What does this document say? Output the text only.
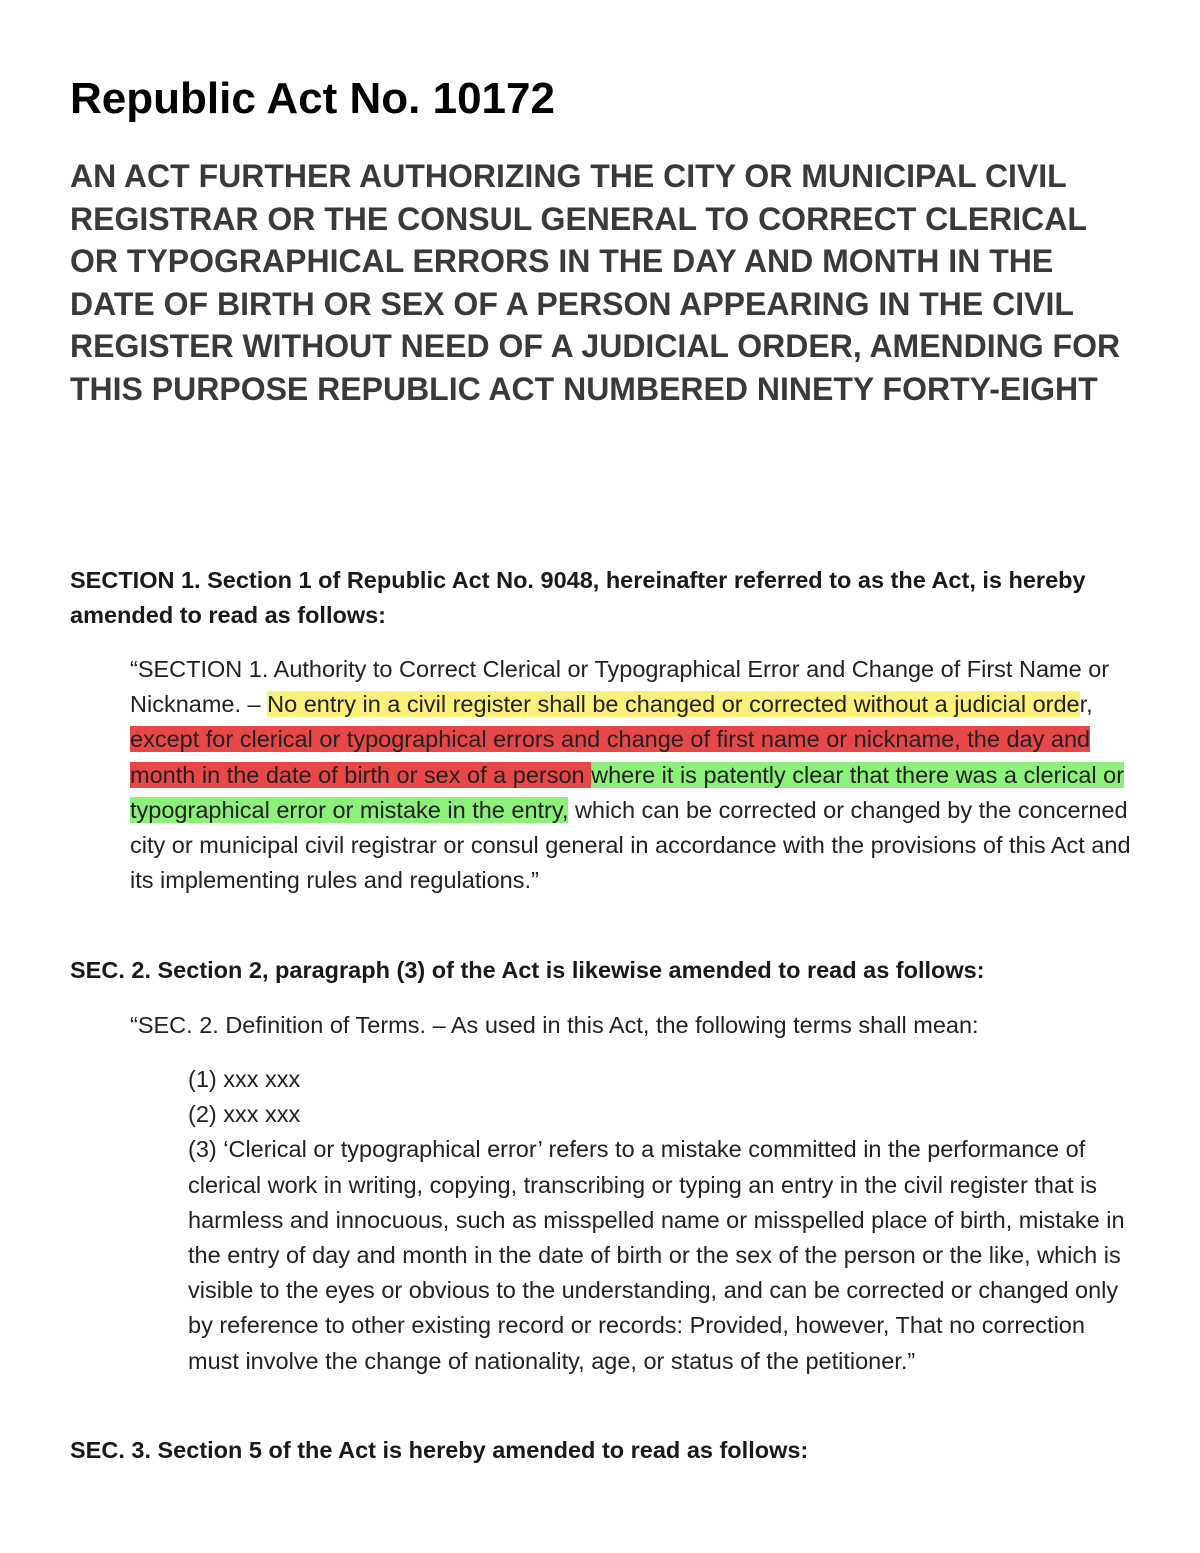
Republic Act No. 10172

AN ACT FURTHER AUTHORIZING THE CITY OR MUNICIPAL CIVIL REGISTRAR OR THE CONSUL GENERAL TO CORRECT CLERICAL OR TYPOGRAPHICAL ERRORS IN THE DAY AND MONTH IN THE DATE OF BIRTH OR SEX OF A PERSON APPEARING IN THE CIVIL REGISTER WITHOUT NEED OF A JUDICIAL ORDER, AMENDING FOR THIS PURPOSE REPUBLIC ACT NUMBERED NINETY FORTY-EIGHT

SECTION 1. Section 1 of Republic Act No. 9048, hereinafter referred to as the Act, is hereby amended to read as follows:

“SECTION 1. Authority to Correct Clerical or Typographical Error and Change of First Name or Nickname. – No entry in a civil register shall be changed or corrected without a judicial order, except for clerical or typographical errors and change of first name or nickname, the day and month in the date of birth or sex of a person where it is patently clear that there was a clerical or typographical error or mistake in the entry, which can be corrected or changed by the concerned city or municipal civil registrar or consul general in accordance with the provisions of this Act and its implementing rules and regulations.”

SEC. 2. Section 2, paragraph (3) of the Act is likewise amended to read as follows:

“SEC. 2. Definition of Terms. – As used in this Act, the following terms shall mean:

(1) xxx xxx
(2) xxx xxx
(3) ‘Clerical or typographical error’ refers to a mistake committed in the performance of clerical work in writing, copying, transcribing or typing an entry in the civil register that is harmless and innocuous, such as misspelled name or misspelled place of birth, mistake in the entry of day and month in the date of birth or the sex of the person or the like, which is visible to the eyes or obvious to the understanding, and can be corrected or changed only by reference to other existing record or records: Provided, however, That no correction must involve the change of nationality, age, or status of the petitioner.”

SEC. 3. Section 5 of the Act is hereby amended to read as follows:
